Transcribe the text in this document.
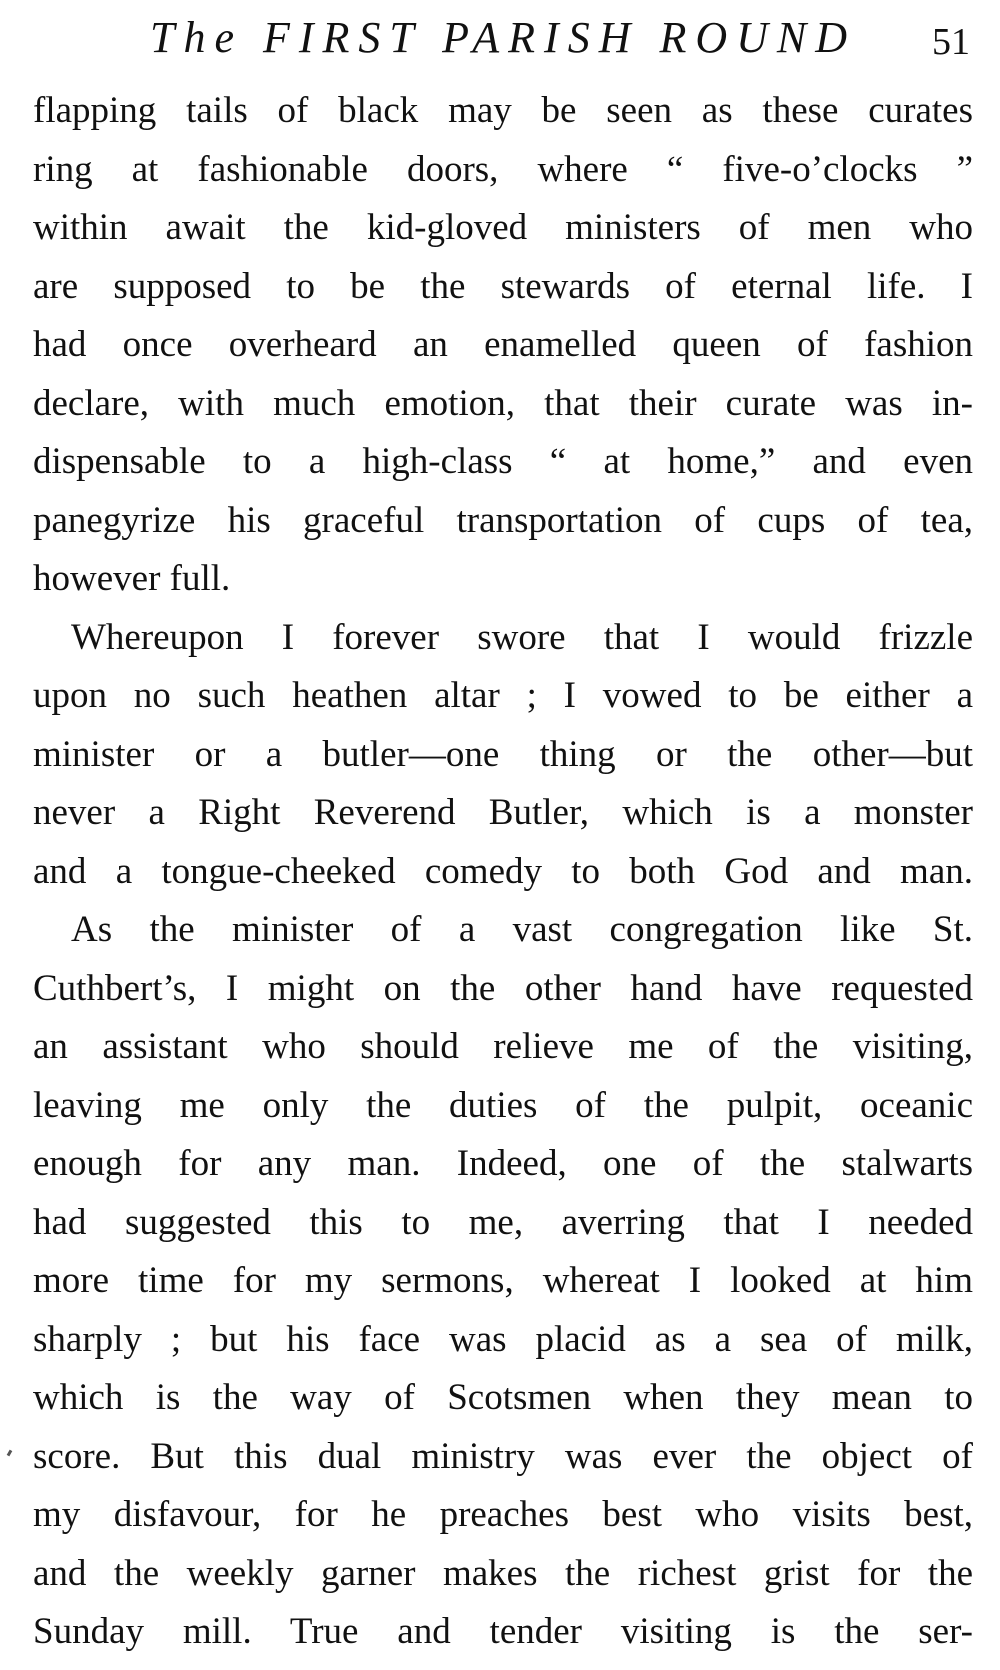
The FIRST PARISH ROUND 51
flapping tails of black may be seen as these curates
ring at fashionable doors, where “ five-o’clocks ”
within await the kid-gloved ministers of men who
are supposed to be the stewards of eternal life. I
had once overheard an enamelled queen of fashion
declare, with much emotion, that their curate was in-
dispensable to a high-class “ at home,” and even
panegyrize his graceful transportation of cups of tea,
however full.
Whereupon I forever swore that I would frizzle
upon no such heathen altar ; I vowed to be either a
minister or a butler—one thing or the other—but
never a Right Reverend Butler, which is a monster
and a tongue-cheeked comedy to both God and man.
As the minister of a vast congregation like St.
Cuthbert’s, I might on the other hand have requested
an assistant who should relieve me of the visiting,
leaving me only the duties of the pulpit, oceanic
enough for any man. Indeed, one of the stalwarts
had suggested this to me, averring that I needed
more time for my sermons, whereat I looked at him
sharply ; but his face was placid as a sea of milk,
which is the way of Scotsmen when they mean to
score. But this dual ministry was ever the object of
my disfavour, for he preaches best who visits best,
and the weekly garner makes the richest grist for the
Sunday mill. True and tender visiting is the ser-
